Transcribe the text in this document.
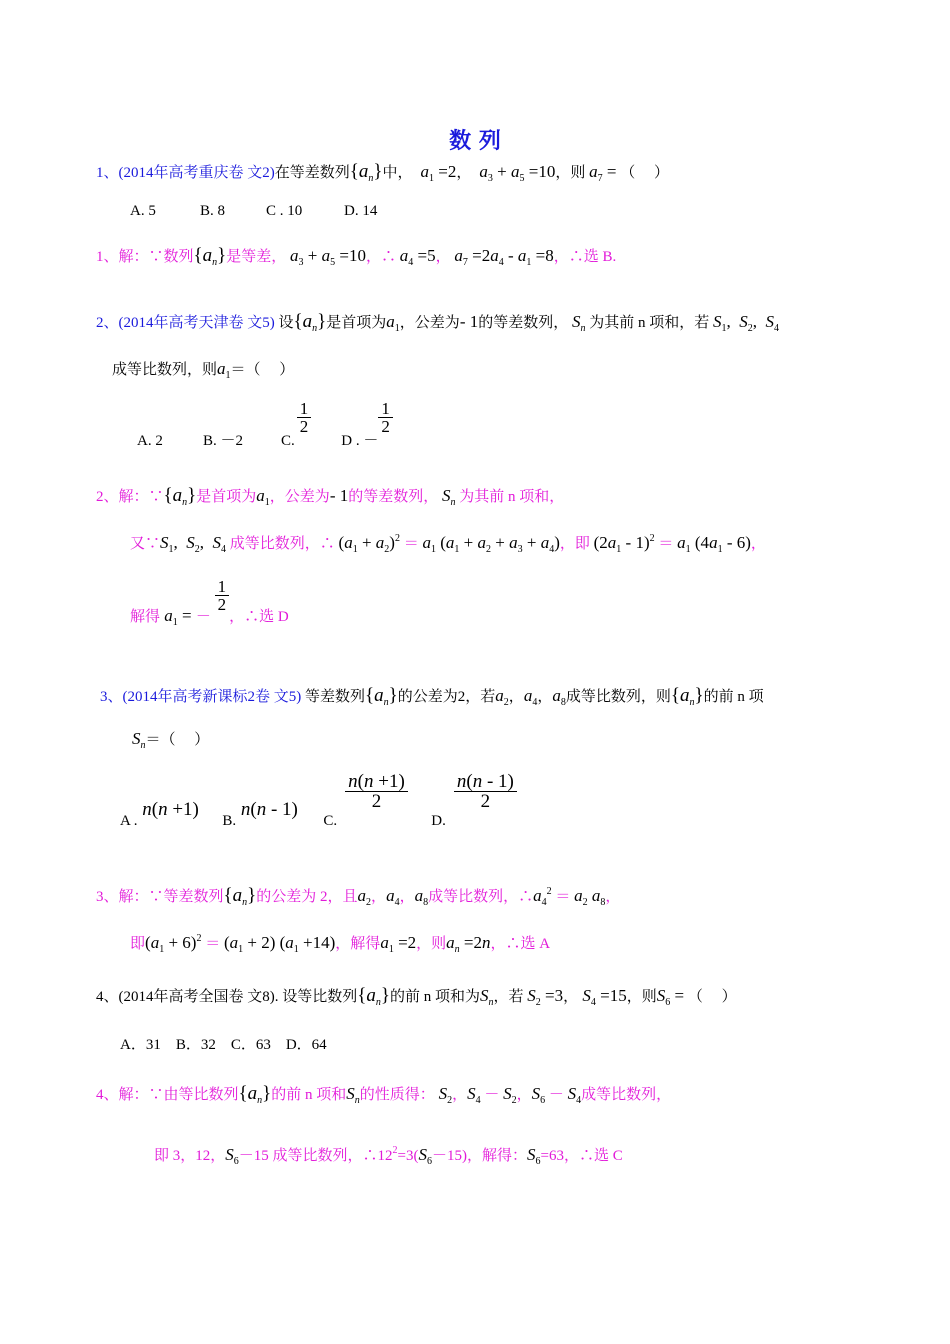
数 列
1、(2014年高考重庆卷 文2)在等差数列$\{a_n\}$中， $a_1 =2$， $a_3 + a_5 =10$，则 $a_7$ = （　 ）
A. 5	B. 8	C . 10	D. 14
1、解：∵数列$\{a_n\}$是等差， $a_3 + a_5 =10$，∴ $a_4 =5$， $a_7 =2a_4 - a_1 =8$，∴选 B.
2、(2014年高考天津卷 文5) 设$\{a_n\}$是首项为$a_1$，公差为- 1的等差数列， $S_n$ 为其前 n 项和，若 $S_1$,  $S_2$,  $S_4$
成等比数列，则$a_1=$（　 ）
A. 2	B. －2	C.
$\frac{1}{2}$
D . －
$\frac{1}{2}$
2、解：$\because\{a_n\}$是首项为$a_1$，公差为- 1的等差数列， $S_n$ 为其前 n 项和，
又$\because S_1$,  $S_2$,  $S_4$ 成等比数列，∴ $(a_1 + a_2)^2 = a_1$ $(a_1 + a_2 + a_3 + a_4)$，即 $(2a_1 - 1)^2 = a_1$ $(4a_1 - 6)$，
解得 $a_1$ = －
$\frac{1}{2}$
，∴选 D
3、(2014年高考新课标2卷 文5) 等差数列$\{a_n\}$的公差为2，若$a_2$，$a_4$，$a_8$成等比数列，则$\{a_n\}$的前 n 项
$S_n=$（　 ）
A . n(n +1)  B. n(n - 1)  C.
$\frac{n(n +1)}{2}$
D.
$\frac{n(n - 1)}{2}$
3、解：∵等差数列$\{a_n\}$的公差为 2，且$a_2$，$a_4$，$a_8$成等比数列，$\therefore a_4^2 = a_2$ $a_8$，
即$(a_1 + 6)^2 = (a_1 + 2)$ $(a_1 +14)$，解得$a_1 =2$，则$a_n =2n$，∴选 A
4、(2014年高考全国卷 文8). 设等比数列$\{a_n\}$的前 n 项和为$S_n$，若 $S_2 =3$， $S_4 =15$，则$S_6$ = （　 ）
A．31　B．32　C．63　D．64
4、解：∵由等比数列$\{a_n\}$的前 n 项和$S_n$的性质得： $S_2$，$S_4 - S_2$，$S_6 - S_4$成等比数列，
即 3，12，$S_6-15$ 成等比数列，$\therefore 12^2=3(S_6-15)$，解得：$S_6=63$，∴选 C
